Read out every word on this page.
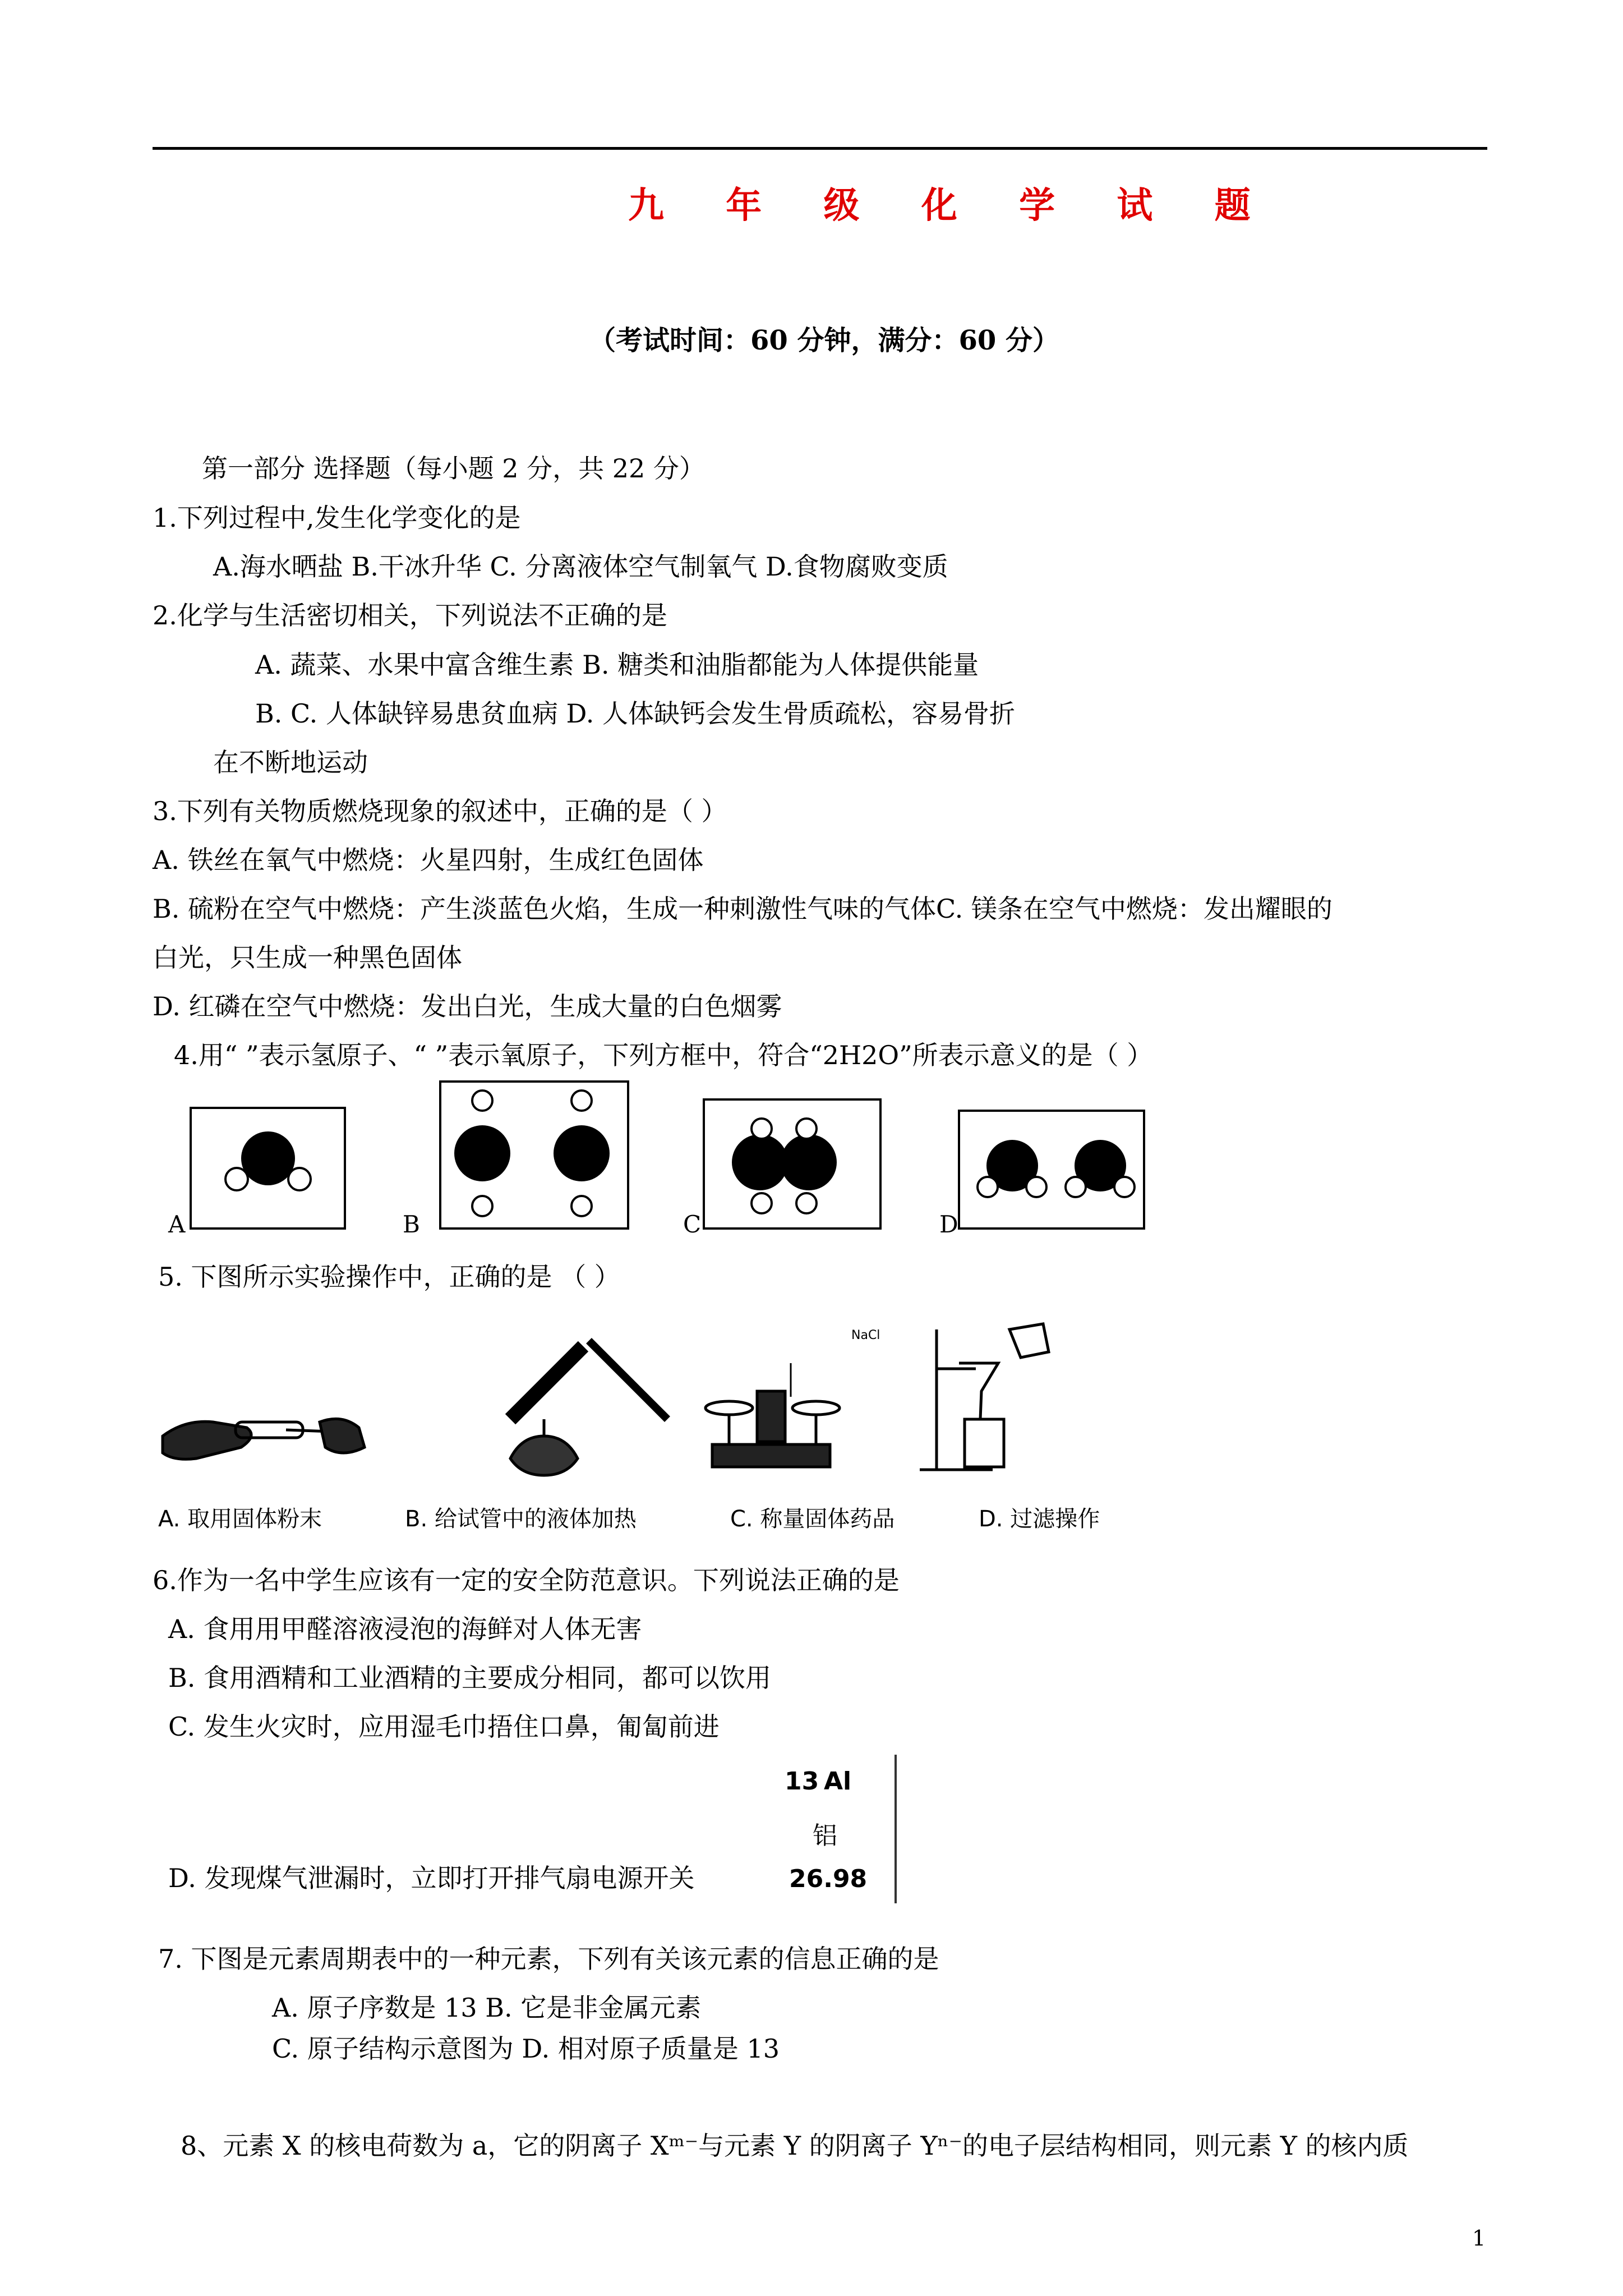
九 年 级 化 学 试 题
（考试时间：60 分钟，满分：60 分）
第一部分 选择题（每小题 2 分，共 22 分）
1.下列过程中,发生化学变化的是
A.海水晒盐 B.干冰升华 C. 分离液体空气制氧气 D.食物腐败变质
2.化学与生活密切相关，下列说法不正确的是
A. 蔬菜、水果中富含维生素 B. 糖类和油脂都能为人体提供能量
B. C. 人体缺锌易患贫血病 D. 人体缺钙会发生骨质疏松，容易骨折
在不断地运动
3.下列有关物质燃烧现象的叙述中，正确的是（ ）
A. 铁丝在氧气中燃烧：火星四射，生成红色固体
B. 硫粉在空气中燃烧：产生淡蓝色火焰，生成一种刺激性气味的气体C. 镁条在空气中燃烧：发出耀眼的
白光，只生成一种黑色固体
D. 红磷在空气中燃烧：发出白光，生成大量的白色烟雾
4.用“ ”表示氢原子、“ ”表示氧原子，下列方框中，符合“2H2O”所表示意义的是（ ）
A	B	C	D
5. 下图所示实验操作中，正确的是 （ ）
NaCl
A. 取用固体粉末	B. 给试管中的液体加热	C. 称量固体药品	D. 过滤操作
6.作为一名中学生应该有一定的安全防范意识。下列说法正确的是
A. 食用用甲醛溶液浸泡的海鲜对人体无害
B. 食用酒精和工业酒精的主要成分相同，都可以饮用
C. 发生火灾时，应用湿毛巾捂住口鼻，匍匐前进
13 Al
铝
26.98
D. 发现煤气泄漏时，立即打开排气扇电源开关
7. 下图是元素周期表中的一种元素，下列有关该元素的信息正确的是
A. 原子序数是 13 B. 它是非金属元素
C. 原子结构示意图为 D. 相对原子质量是 13
8、元素 X 的核电荷数为 a，它的阴离子 Xᵐ⁻与元素 Y 的阴离子 Yⁿ⁻的电子层结构相同，则元素 Y 的核内质
1
